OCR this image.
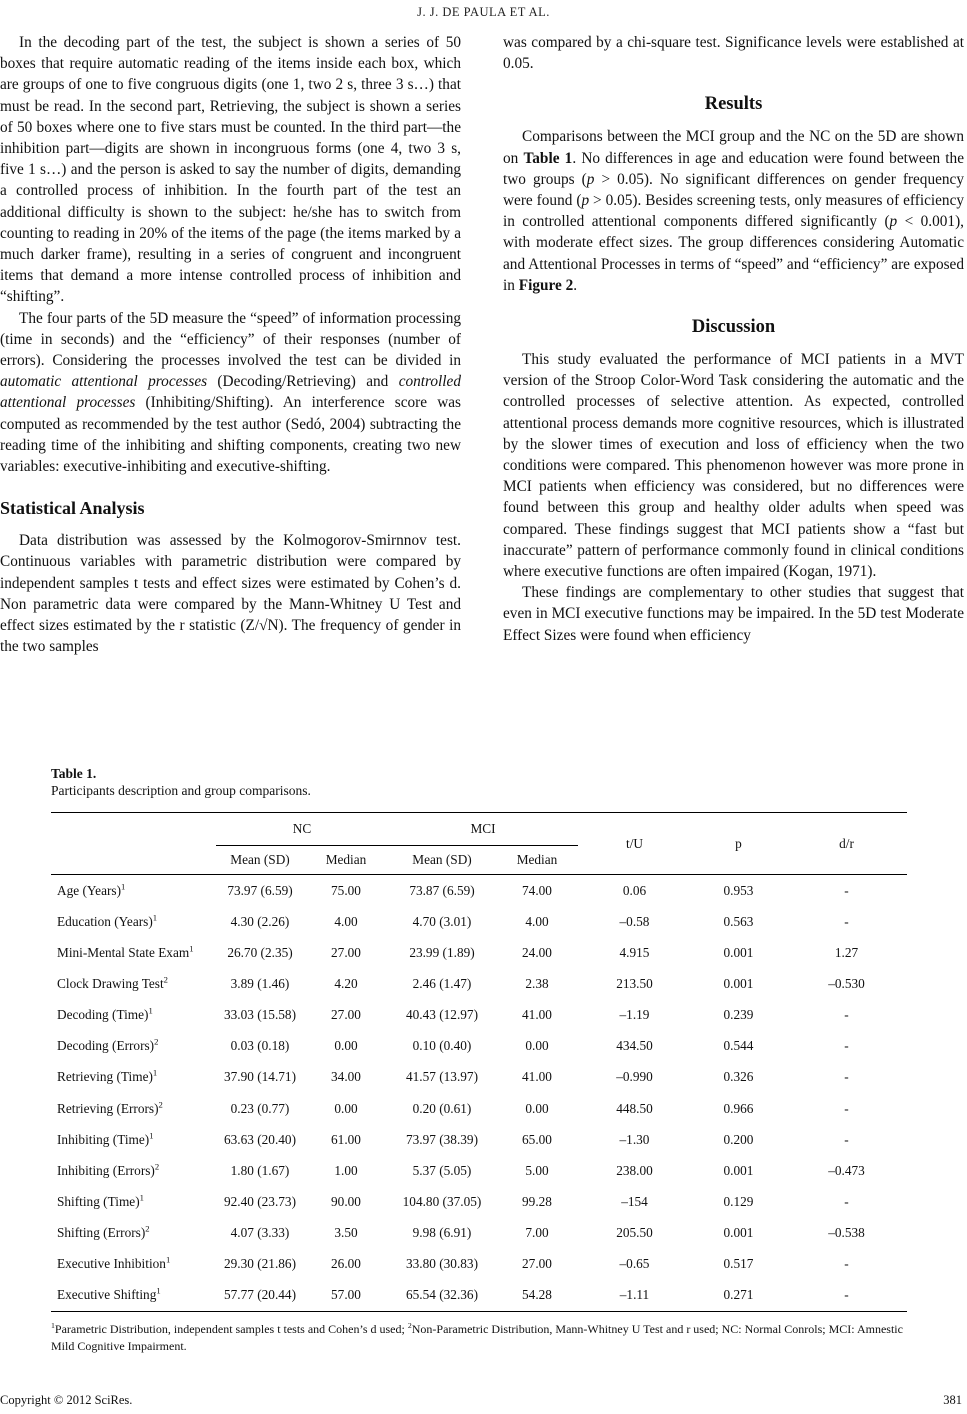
J. J. DE PAULA ET AL.

In the decoding part of the test, the subject is shown a series of 50 boxes that require automatic reading of the items inside each box, which are groups of one to five congruous digits (one 1, two 2 s, three 3 s…) that must be read. In the second part, Retrieving, the subject is shown a series of 50 boxes where one to five stars must be counted. In the third part—the inhibition part—digits are shown in incongruous forms (one 4, two 3 s, five 1 s…) and the person is asked to say the number of digits, demanding a controlled process of inhibition. In the fourth part of the test an additional difficulty is shown to the subject: he/she has to switch from counting to reading in 20% of the items of the page (the items marked by a much darker frame), resulting in a series of congruent and incongruent items that demand a more intense controlled process of inhibition and “shifting”.

The four parts of the 5D measure the “speed” of information processing (time in seconds) and the “efficiency” of their responses (number of errors). Considering the processes involved the test can be divided in automatic attentional processes (Decoding/Retrieving) and controlled attentional processes (Inhibiting/Shifting). An interference score was computed as recommended by the test author (Sedó, 2004) subtracting the reading time of the inhibiting and shifting components, creating two new variables: executive-inhibiting and executive-shifting.

Statistical Analysis

Data distribution was assessed by the Kolmogorov-Smirnnov test. Continuous variables with parametric distribution were compared by independent samples t tests and effect sizes were estimated by Cohen’s d. Non parametric data were compared by the Mann-Whitney U Test and effect sizes estimated by the r statistic (Z/√N). The frequency of gender in the two samples

was compared by a chi-square test. Significance levels were established at 0.05.

Results

Comparisons between the MCI group and the NC on the 5D are shown on Table 1. No differences in age and education were found between the two groups (p > 0.05). No significant differences on gender frequency were found (p > 0.05). Besides screening tests, only measures of efficiency in controlled attentional components differed significantly (p < 0.001), with moderate effect sizes. The group differences considering Automatic and Attentional Processes in terms of “speed” and “efficiency” are exposed in Figure 2.

Discussion

This study evaluated the performance of MCI patients in a MVT version of the Stroop Color-Word Task considering the automatic and the controlled processes of selective attention. As expected, controlled attentional process demands more cognitive resources, which is illustrated by the slower times of execution and loss of efficiency when the two conditions were compared. This phenomenon however was more prone in MCI patients when efficiency was considered, but no differences were found between this group and healthy older adults when speed was compared. These findings suggest that MCI patients show a “fast but inaccurate” pattern of performance commonly found in clinical conditions where executive functions are often impaired (Kogan, 1971).

These findings are complementary to other studies that suggest that even in MCI executive functions may be impaired. In the 5D test Moderate Effect Sizes were found when efficiency

Table 1.
Participants description and group comparisons.
	NC		MCI		t/U	p	d/r
	Mean (SD)	Median	Mean (SD)	Median			
Age (Years)$^1$	73.97 (6.59)	75.00	73.87 (6.59)	74.00	0.06	0.953	-
Education (Years)$^1$	4.30 (2.26)	4.00	4.70 (3.01)	4.00	–0.58	0.563	-
Mini-Mental State Exam$^1$	26.70 (2.35)	27.00	23.99 (1.89)	24.00	4.915	0.001	1.27
Clock Drawing Test$^2$	3.89 (1.46)	4.20	2.46 (1.47)	2.38	213.50	0.001	–0.530
Decoding (Time)$^1$	33.03 (15.58)	27.00	40.43 (12.97)	41.00	–1.19	0.239	-
Decoding (Errors)$^2$	0.03 (0.18)	0.00	0.10 (0.40)	0.00	434.50	0.544	-
Retrieving (Time)$^1$	37.90 (14.71)	34.00	41.57 (13.97)	41.00	–0.990	0.326	-
Retrieving (Errors)$^2$	0.23 (0.77)	0.00	0.20 (0.61)	0.00	448.50	0.966	-
Inhibiting (Time)$^1$	63.63 (20.40)	61.00	73.97 (38.39)	65.00	–1.30	0.200	-
Inhibiting (Errors)$^2$	1.80 (1.67)	1.00	5.37 (5.05)	5.00	238.00	0.001	–0.473
Shifting (Time)$^1$	92.40 (23.73)	90.00	104.80 (37.05)	99.28	–154	0.129	-
Shifting (Errors)$^2$	4.07 (3.33)	3.50	9.98 (6.91)	7.00	205.50	0.001	–0.538
Executive Inhibition$^1$	29.30 (21.86)	26.00	33.80 (30.83)	27.00	–0.65	0.517	-
Executive Shifting$^1$	57.77 (20.44)	57.00	65.54 (32.36)	54.28	–1.11	0.271	-
$^1$Parametric Distribution, independent samples t tests and Cohen’s d used; $^2$Non-Parametric Distribution, Mann-Whitney U Test and r used; NC: Normal Conrols; MCI: Amnestic Mild Cognitive Impairment.
Copyright © 2012 SciRes.	381
